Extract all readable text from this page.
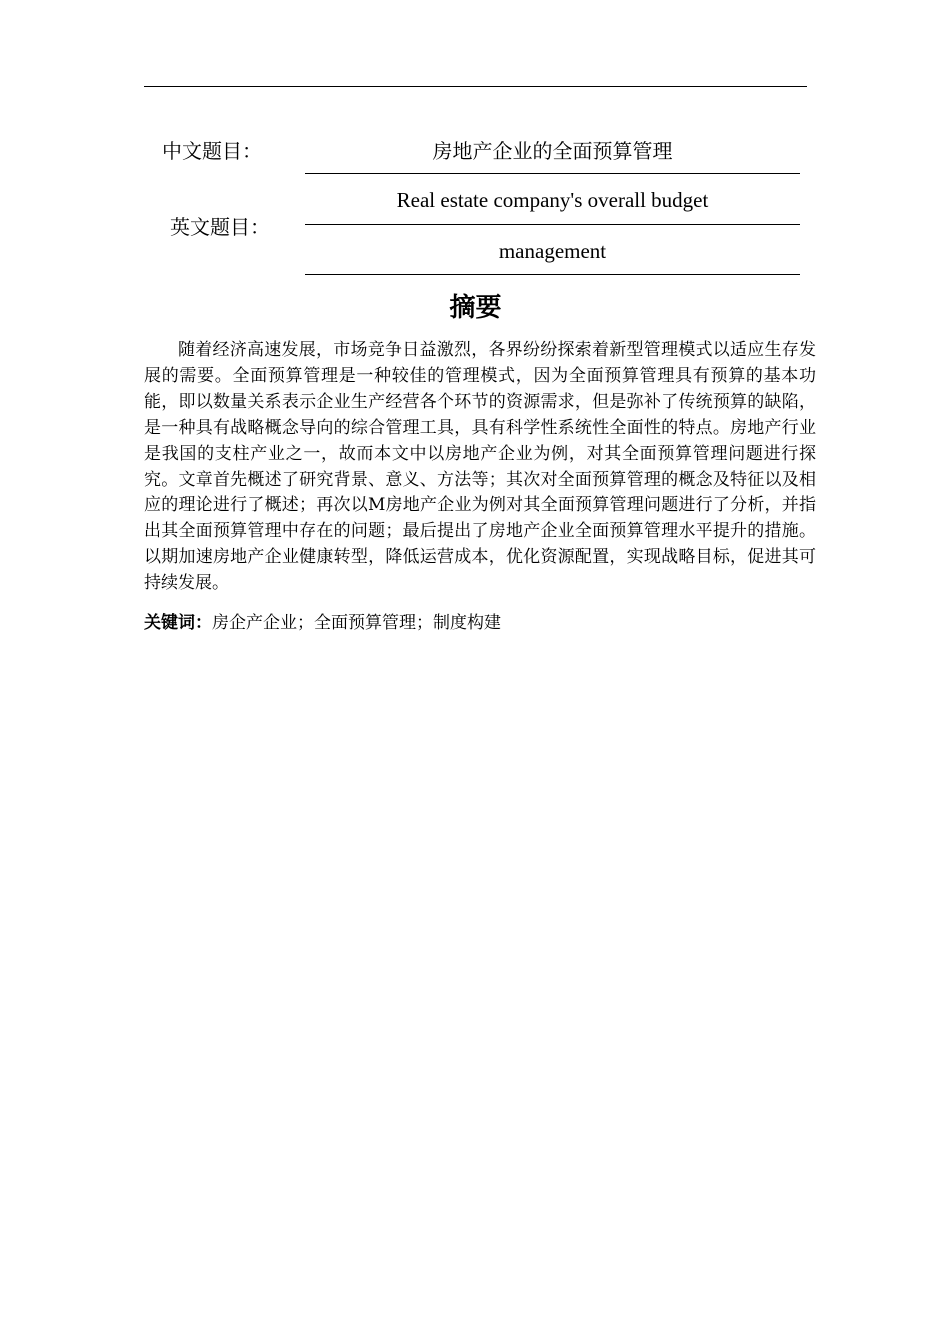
中文题目：	房地产企业的全面预算管理
英文题目：
Real estate company's overall budget
management
摘要

随着经济高速发展，市场竞争日益激烈，各界纷纷探索着新型管理模式以适应生存发展的需要。全面预算管理是一种较佳的管理模式，因为全面预算管理具有预算的基本功能，即以数量关系表示企业生产经营各个环节的资源需求，但是弥补了传统预算的缺陷，是一种具有战略概念导向的综合管理工具，具有科学性系统性全面性的特点。房地产行业是我国的支柱产业之一，故而本文中以房地产企业为例，对其全面预算管理问题进行探究。文章首先概述了研究背景、意义、方法等；其次对全面预算管理的概念及特征以及相应的理论进行了概述；再次以M房地产企业为例对其全面预算管理问题进行了分析，并指出其全面预算管理中存在的问题；最后提出了房地产企业全面预算管理水平提升的措施。以期加速房地产企业健康转型，降低运营成本，优化资源配置，实现战略目标，促进其可持续发展。

关键词：房企产企业；全面预算管理；制度构建
